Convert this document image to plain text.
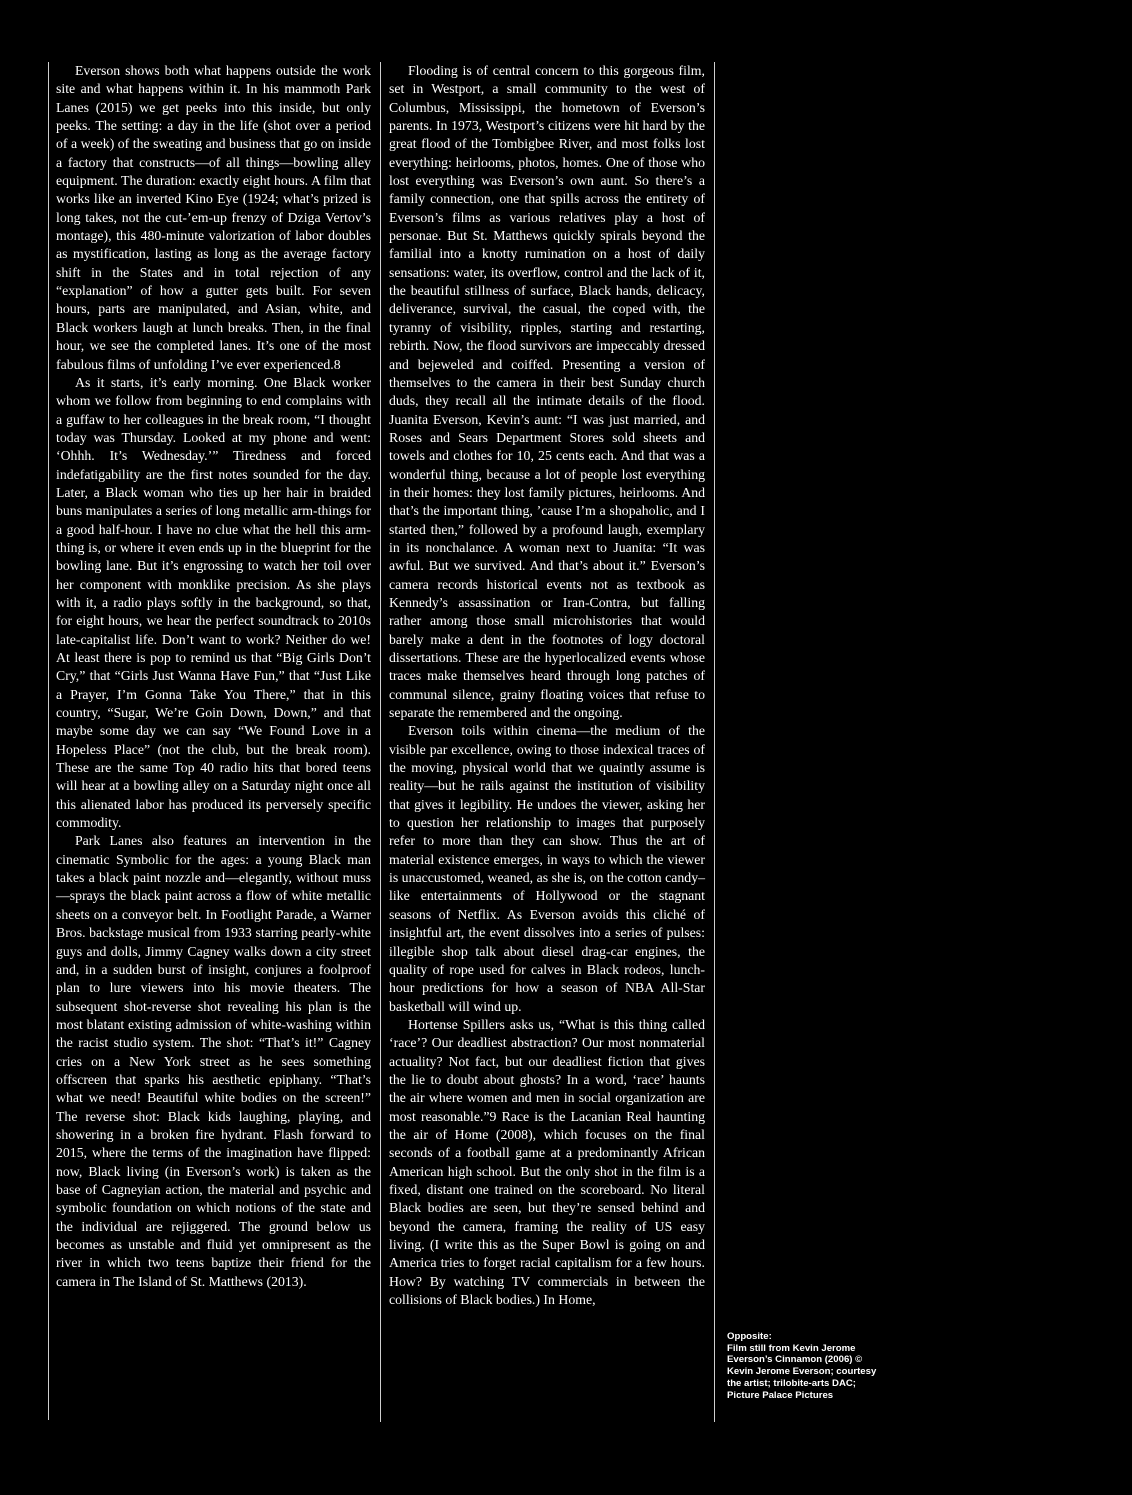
Everson shows both what happens outside the work site and what happens within it. In his mammoth Park Lanes (2015) we get peeks into this inside, but only peeks. The setting: a day in the life (shot over a period of a week) of the sweating and business that go on inside a factory that constructs—of all things—bowling alley equipment. The duration: exactly eight hours. A film that works like an inverted Kino Eye (1924; what’s prized is long takes, not the cut-’em-up frenzy of Dziga Vertov’s montage), this 480-minute valorization of labor doubles as mystification, lasting as long as the average factory shift in the States and in total rejection of any “explanation” of how a gutter gets built. For seven hours, parts are manipulated, and Asian, white, and Black workers laugh at lunch breaks. Then, in the final hour, we see the completed lanes. It’s one of the most fabulous films of unfolding I’ve ever experienced.8

As it starts, it’s early morning. One Black worker whom we follow from beginning to end complains with a guffaw to her colleagues in the break room, “I thought today was Thursday. Looked at my phone and went: ‘Ohhh. It’s Wednesday.’” Tiredness and forced indefatigability are the first notes sounded for the day. Later, a Black woman who ties up her hair in braided buns manipulates a series of long metallic arm-things for a good half-hour. I have no clue what the hell this arm-thing is, or where it even ends up in the blueprint for the bowling lane. But it’s engrossing to watch her toil over her component with monklike precision. As she plays with it, a radio plays softly in the background, so that, for eight hours, we hear the perfect soundtrack to 2010s late-capitalist life. Don’t want to work? Neither do we! At least there is pop to remind us that “Big Girls Don’t Cry,” that “Girls Just Wanna Have Fun,” that “Just Like a Prayer, I’m Gonna Take You There,” that in this country, “Sugar, We’re Goin Down, Down,” and that maybe some day we can say “We Found Love in a Hopeless Place” (not the club, but the break room). These are the same Top 40 radio hits that bored teens will hear at a bowling alley on a Saturday night once all this alienated labor has produced its perversely specific commodity.

Park Lanes also features an intervention in the cinematic Symbolic for the ages: a young Black man takes a black paint nozzle and—elegantly, without muss—sprays the black paint across a flow of white metallic sheets on a conveyor belt. In Footlight Parade, a Warner Bros. backstage musical from 1933 starring pearly-white guys and dolls, Jimmy Cagney walks down a city street and, in a sudden burst of insight, conjures a foolproof plan to lure viewers into his movie theaters. The subsequent shot-reverse shot revealing his plan is the most blatant existing admission of white-washing within the racist studio system. The shot: “That’s it!” Cagney cries on a New York street as he sees something offscreen that sparks his aesthetic epiphany. “That’s what we need! Beautiful white bodies on the screen!” The reverse shot: Black kids laughing, playing, and showering in a broken fire hydrant. Flash forward to 2015, where the terms of the imagination have flipped: now, Black living (in Everson’s work) is taken as the base of Cagneyian action, the material and psychic and symbolic foundation on which notions of the state and the individual are rejiggered. The ground below us becomes as unstable and fluid yet omnipresent as the river in which two teens baptize their friend for the camera in The Island of St. Matthews (2013).

Flooding is of central concern to this gorgeous film, set in Westport, a small community to the west of Columbus, Mississippi, the hometown of Everson’s parents. In 1973, Westport’s citizens were hit hard by the great flood of the Tombigbee River, and most folks lost everything: heirlooms, photos, homes. One of those who lost everything was Everson’s own aunt. So there’s a family connection, one that spills across the entirety of Everson’s films as various relatives play a host of personae. But St. Matthews quickly spirals beyond the familial into a knotty rumination on a host of daily sensations: water, its overflow, control and the lack of it, the beautiful stillness of surface, Black hands, delicacy, deliverance, survival, the casual, the coped with, the tyranny of visibility, ripples, starting and restarting, rebirth. Now, the flood survivors are impeccably dressed and bejeweled and coiffed. Presenting a version of themselves to the camera in their best Sunday church duds, they recall all the intimate details of the flood. Juanita Everson, Kevin’s aunt: “I was just married, and Roses and Sears Department Stores sold sheets and towels and clothes for 10, 25 cents each. And that was a wonderful thing, because a lot of people lost everything in their homes: they lost family pictures, heirlooms. And that’s the important thing, ’cause I’m a shopaholic, and I started then,” followed by a profound laugh, exemplary in its nonchalance. A woman next to Juanita: “It was awful. But we survived. And that’s about it.” Everson’s camera records historical events not as textbook as Kennedy’s assassination or Iran-Contra, but falling rather among those small microhistories that would barely make a dent in the footnotes of logy doctoral dissertations. These are the hyperlocalized events whose traces make themselves heard through long patches of communal silence, grainy floating voices that refuse to separate the remembered and the ongoing.

Everson toils within cinema—the medium of the visible par excellence, owing to those indexical traces of the moving, physical world that we quaintly assume is reality—but he rails against the institution of visibility that gives it legibility. He undoes the viewer, asking her to question her relationship to images that purposely refer to more than they can show. Thus the art of material existence emerges, in ways to which the viewer is unaccustomed, weaned, as she is, on the cotton candy–like entertainments of Hollywood or the stagnant seasons of Netflix. As Everson avoids this cliché of insightful art, the event dissolves into a series of pulses: illegible shop talk about diesel drag-car engines, the quality of rope used for calves in Black rodeos, lunch-hour predictions for how a season of NBA All-Star basketball will wind up.

Hortense Spillers asks us, “What is this thing called ‘race’? Our deadliest abstraction? Our most nonmaterial actuality? Not fact, but our deadliest fiction that gives the lie to doubt about ghosts? In a word, ‘race’ haunts the air where women and men in social organization are most reasonable.”9 Race is the Lacanian Real haunting the air of Home (2008), which focuses on the final seconds of a football game at a predominantly African American high school. But the only shot in the film is a fixed, distant one trained on the scoreboard. No literal Black bodies are seen, but they’re sensed behind and beyond the camera, framing the reality of US easy living. (I write this as the Super Bowl is going on and America tries to forget racial capitalism for a few hours. How? By watching TV commercials in between the collisions of Black bodies.) In Home,

Opposite:
Film still from Kevin Jerome Everson’s Cinnamon (2006) © Kevin Jerome Everson; courtesy the artist; trilobite-arts DAC; Picture Palace Pictures
